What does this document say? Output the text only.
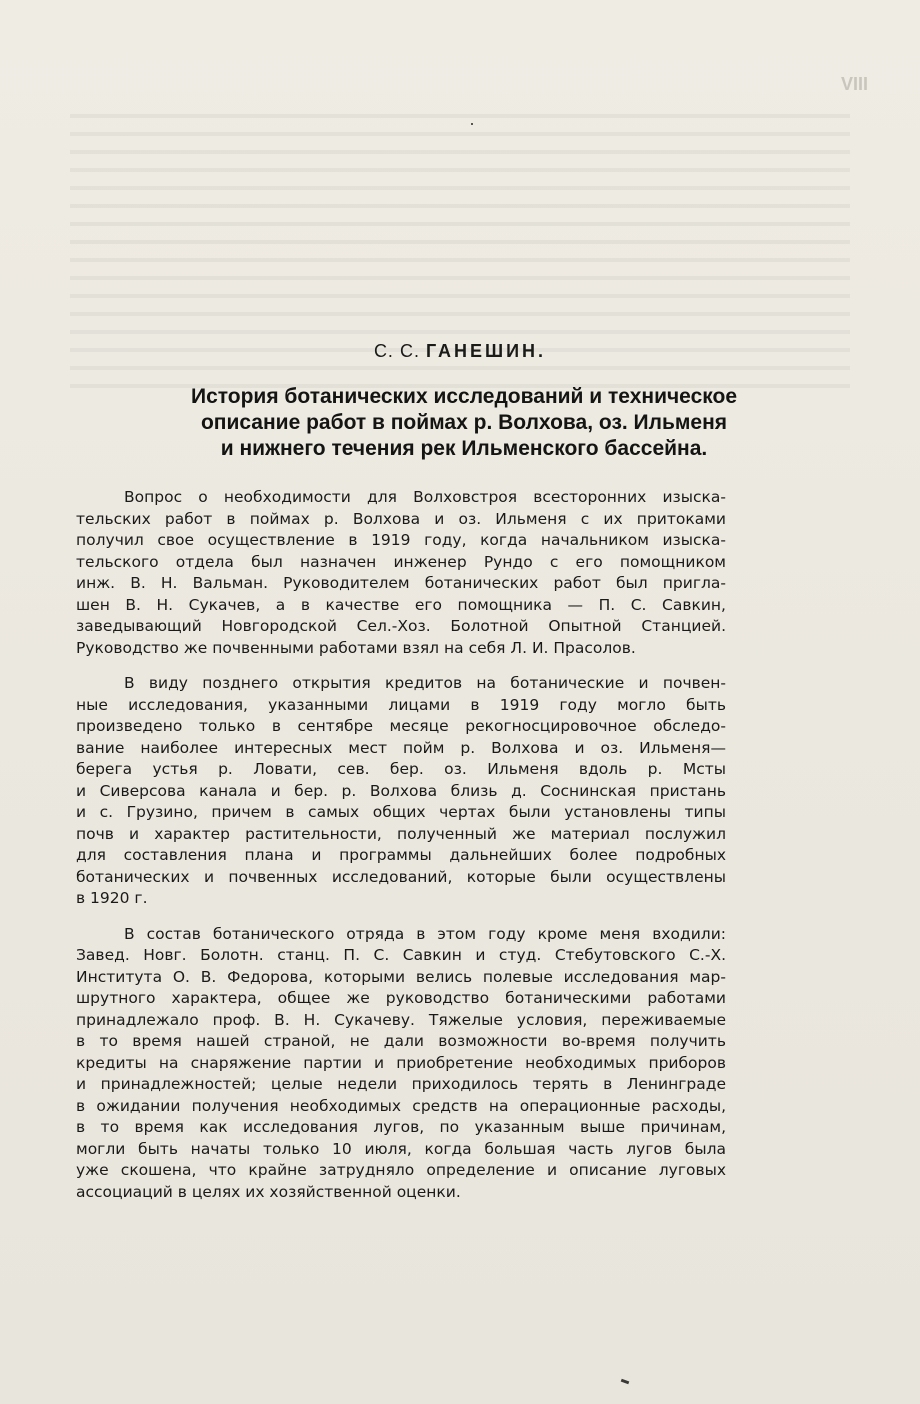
VIII
С. С. ГАНЕШИН.
История ботанических исследований и техническое
описание работ в поймах р. Волхова, оз. Ильменя
и нижнего течения рек Ильменского бассейна.
Вопрос о необходимости для Волховстроя всесторонних изыска-
тельских работ в поймах р. Волхова и оз. Ильменя с их притоками
получил свое осуществление в 1919 году, когда начальником изыска-
тельского отдела был назначен инженер Рундо с его помощником
инж. В. Н. Вальман. Руководителем ботанических работ был пригла-
шен В. Н. Сукачев, а в качестве его помощника — П. С. Савкин,
заведывающий Новгородской Сел.-Хоз. Болотной Опытной Станцией.
Руководство же почвенными работами взял на себя Л. И. Прасолов.
В виду позднего открытия кредитов на ботанические и почвен-
ные исследования, указанными лицами в 1919 году могло быть
произведено только в сентябре месяце рекогносцировочное обследо-
вание наиболее интересных мест пойм р. Волхова и оз. Ильменя—
берега устья р. Ловати, сев. бер. оз. Ильменя вдоль р. Мсты
и Сиверсова канала и бер. р. Волхова близь д. Соснинская пристань
и с. Грузино, причем в самых общих чертах были установлены типы
почв и характер растительности, полученный же материал послужил
для составления плана и программы дальнейших более подробных
ботанических и почвенных исследований, которые были осуществлены
в 1920 г.
В состав ботанического отряда в этом году кроме меня входили:
Завед. Новг. Болотн. станц. П. С. Савкин и студ. Стебутовского С.-Х.
Института О. В. Федорова, которыми велись полевые исследования мар-
шрутного характера, общее же руководство ботаническими работами
принадлежало проф. В. Н. Сукачеву. Тяжелые условия, переживаемые
в то время нашей страной, не дали возможности во-время получить
кредиты на снаряжение партии и приобретение необходимых приборов
и принадлежностей; целые недели приходилось терять в Ленинграде
в ожидании получения необходимых средств на операционные расходы,
в то время как исследования лугов, по указанным выше причинам,
могли быть начаты только 10 июля, когда большая часть лугов была
уже скошена, что крайне затрудняло определение и описание луговых
ассоциаций в целях их хозяйственной оценки.
